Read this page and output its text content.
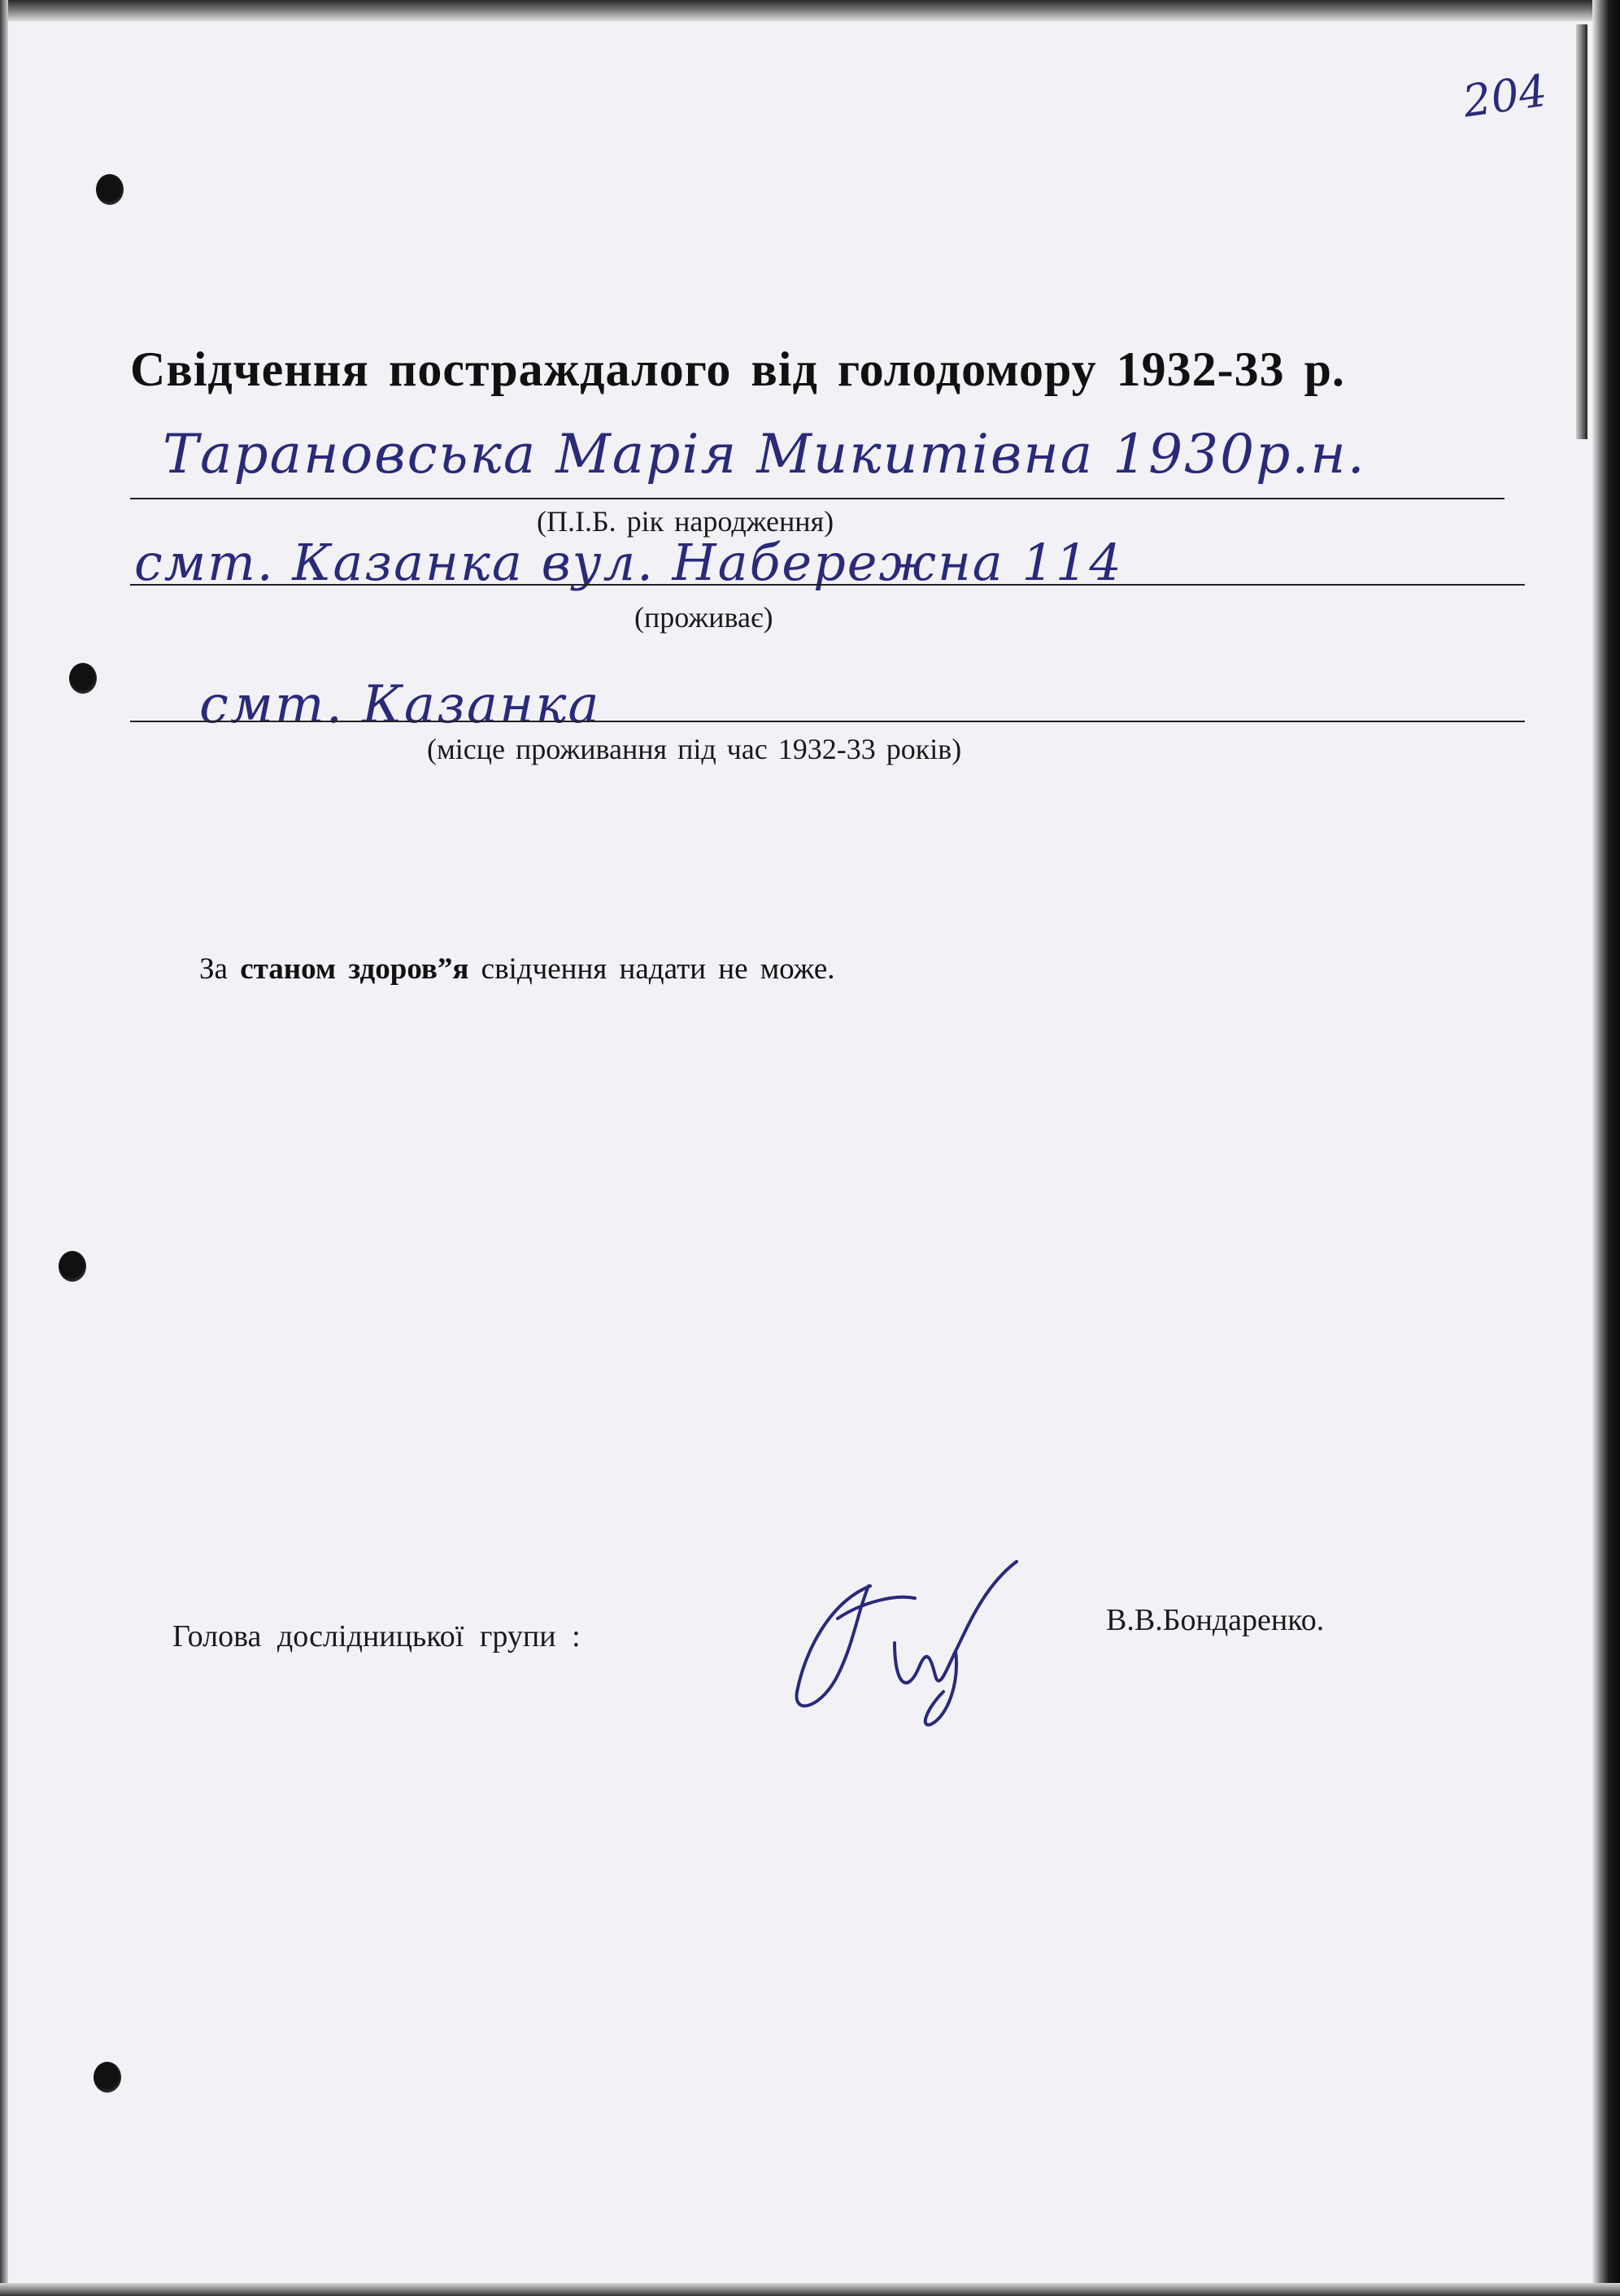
204
Свідчення постраждалого від голодомору 1932-33 р.
Тарановська Марія Микитівна 1930р.н.
(П.І.Б. рік народження)
смт. Казанка вул. Набережна 114
(проживає)
смт. Казанка
(місце проживання під час 1932-33 років)
За станом здоров”я свідчення надати не може.
Голова дослідницької групи :	В.В.Бондаренко.
